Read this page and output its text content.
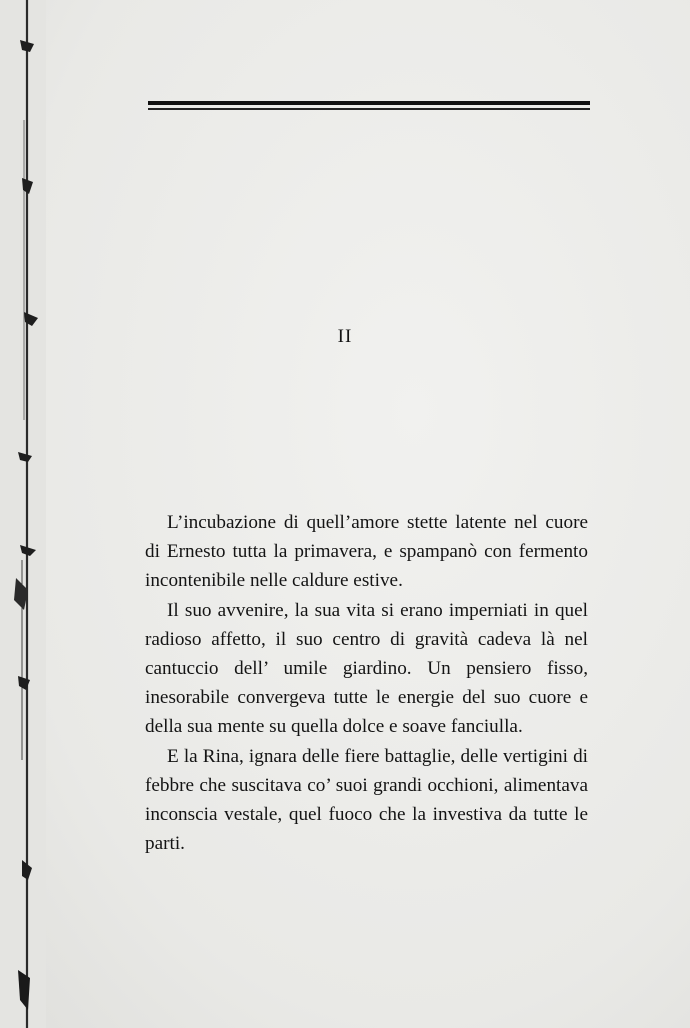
II

L’incubazione di quell’amore stette latente nel cuore di Ernesto tutta la primavera, e spampanò con fermento incontenibile nelle caldure estive.

Il suo avvenire, la sua vita si erano imperniati in quel radioso affetto, il suo centro di gravità cadeva là nel cantuccio dell’ umile giardino. Un pensiero fisso, inesorabile convergeva tutte le energie del suo cuore e della sua mente su quella dolce e soave fanciulla.

E la Rina, ignara delle fiere battaglie, delle vertigini di febbre che suscitava co’ suoi grandi occhioni, alimentava inconscia vestale, quel fuoco che la investiva da tutte le parti.
